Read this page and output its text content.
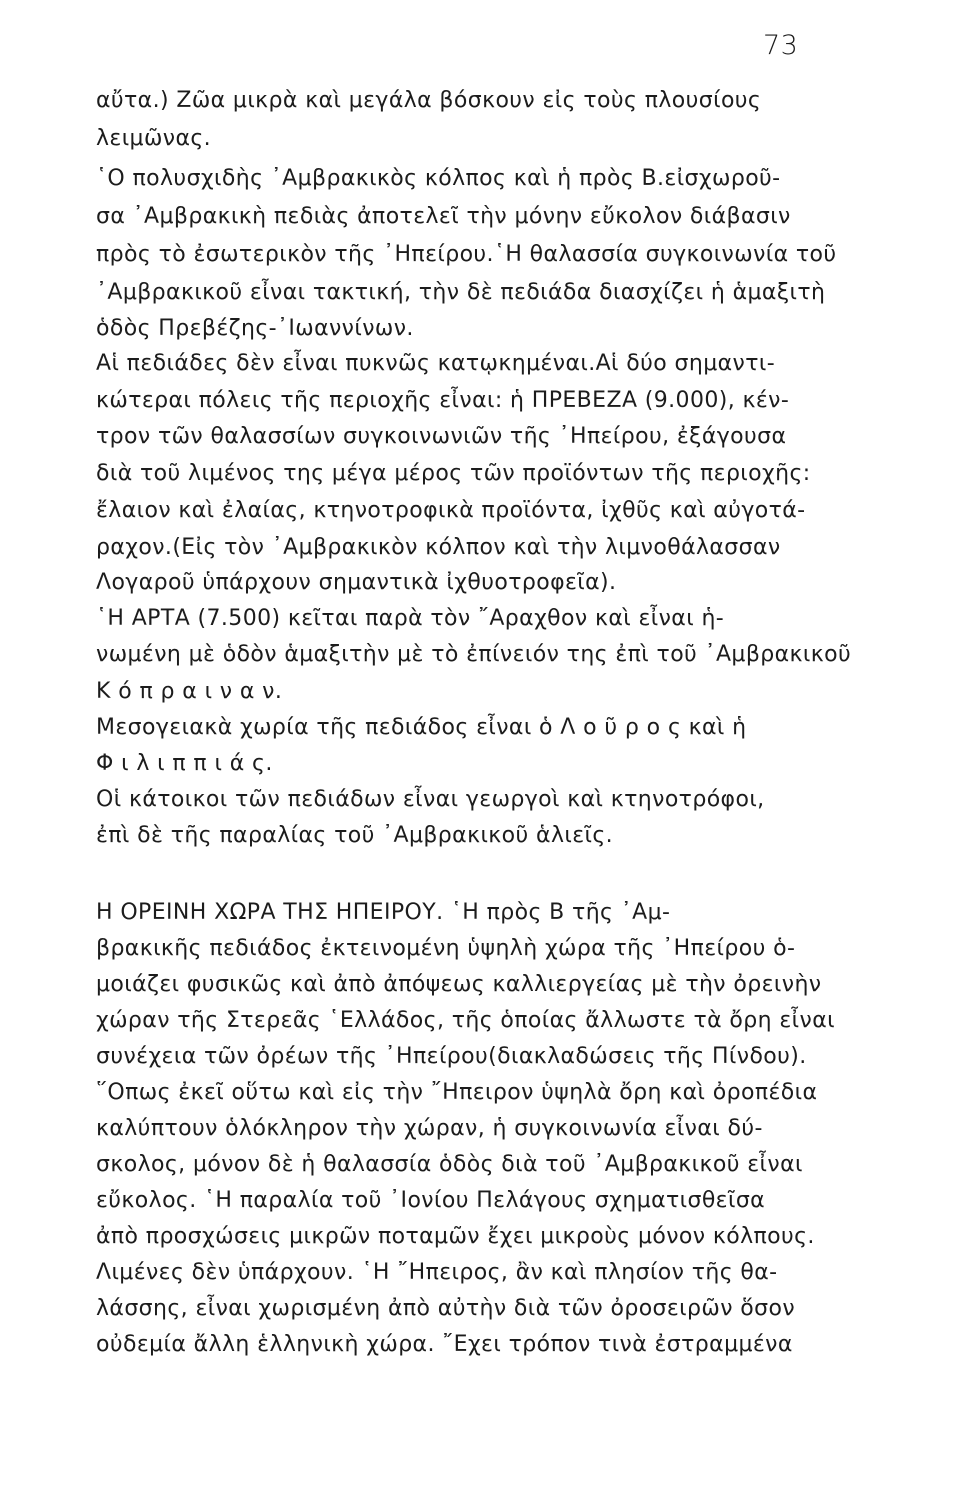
73
αὔτα.) Ζῶα μικρὰ καὶ μεγάλα βόσκουν εἰς τοὺς πλουσίους
λειμῶνας.
῾Ο πολυσχιδὴς ᾿Αμβρακικὸς κόλπος καὶ ἡ πρὸς Β.εἰσχωροῦ-
σα ᾿Αμβρακικὴ πεδιὰς ἀποτελεῖ τὴν μόνην εὔκολον διάβασιν
πρὸς τὸ ἐσωτερικὸν τῆς ᾿Ηπείρου.῾Η θαλασσία συγκοινωνία τοῦ
᾿Αμβρακικοῦ εἶναι τακτική, τὴν δὲ πεδιάδα διασχίζει ἡ ἁμαξιτὴ
ὁδὸς Πρεβέζης-᾿Ιωαννίνων.
Αἱ πεδιάδες δὲν εἶναι πυκνῶς κατῳκημέναι.Αἱ δύο σημαντι-
κώτεραι πόλεις τῆς περιοχῆς εἶναι: ἡ ΠΡΕΒΕΖΑ (9.000), κέν-
τρον τῶν θαλασσίων συγκοινωνιῶν τῆς ᾿Ηπείρου, ἐξάγουσα
διὰ τοῦ λιμένος της μέγα μέρος τῶν προϊόντων τῆς περιοχῆς:
ἔλαιον καὶ ἐλαίας, κτηνοτροφικὰ προϊόντα, ἰχθῦς καὶ αὐγοτά-
ραχον.(Εἰς τὸν ᾿Αμβρακικὸν κόλπον καὶ τὴν λιμνοθάλασσαν
Λογαροῦ ὑπάρχουν σημαντικὰ ἰχθυοτροφεῖα).
῾Η ΑΡΤΑ (7.500) κεῖται παρὰ τὸν ῎Αραχθον καὶ εἶναι ἡ-
νωμένη μὲ ὁδὸν ἁμαξιτὴν μὲ τὸ ἐπίνειόν της ἐπὶ τοῦ ᾿Αμβρακικοῦ
Κ ό π ρ α ι ν α ν.
Μεσογειακὰ χωρία τῆς πεδιάδος εἶναι ὁ Λ ο ῦ ρ ο ς καὶ ἡ
Φ ι λ ι π π ι ά ς.
Οἱ κάτοικοι τῶν πεδιάδων εἶναι γεωργοὶ καὶ κτηνοτρόφοι,
ἐπὶ δὲ τῆς παραλίας τοῦ ᾿Αμβρακικοῦ ἁλιεῖς.
Η ΟΡΕΙΝΗ ΧΩΡΑ ΤΗΣ ΗΠΕΙΡΟΥ. ῾Η πρὸς Β τῆς ᾿Αμ-
βρακικῆς πεδιάδος ἐκτεινομένη ὑψηλὴ χώρα τῆς ᾿Ηπείρου ὁ-
μοιάζει φυσικῶς καὶ ἀπὸ ἀπόψεως καλλιεργείας μὲ τὴν ὀρεινὴν
χώραν τῆς Στερεᾶς ῾Ελλάδος, τῆς ὁποίας ἄλλωστε τὰ ὄρη εἶναι
συνέχεια τῶν ὀρέων τῆς ᾿Ηπείρου(διακλαδώσεις τῆς Πίνδου).
῞Οπως ἐκεῖ οὕτω καὶ εἰς τὴν ῎Ηπειρον ὑψηλὰ ὄρη καὶ ὀροπέδια
καλύπτουν ὁλόκληρον τὴν χώραν, ἡ συγκοινωνία εἶναι δύ-
σκολος, μόνον δὲ ἡ θαλασσία ὁδὸς διὰ τοῦ ᾿Αμβρακικοῦ εἶναι
εὔκολος. ῾Η παραλία τοῦ ᾿Ιονίου Πελάγους σχηματισθεῖσα
ἀπὸ προσχώσεις μικρῶν ποταμῶν ἔχει μικροὺς μόνον κόλπους.
Λιμένες δὲν ὑπάρχουν. ῾Η ῎Ηπειρος, ἂν καὶ πλησίον τῆς θα-
λάσσης, εἶναι χωρισμένη ἀπὸ αὐτὴν διὰ τῶν ὀροσειρῶν ὅσον
οὐδεμία ἄλλη ἑλληνικὴ χώρα. ῎Εχει τρόπον τινὰ ἐστραμμένα
